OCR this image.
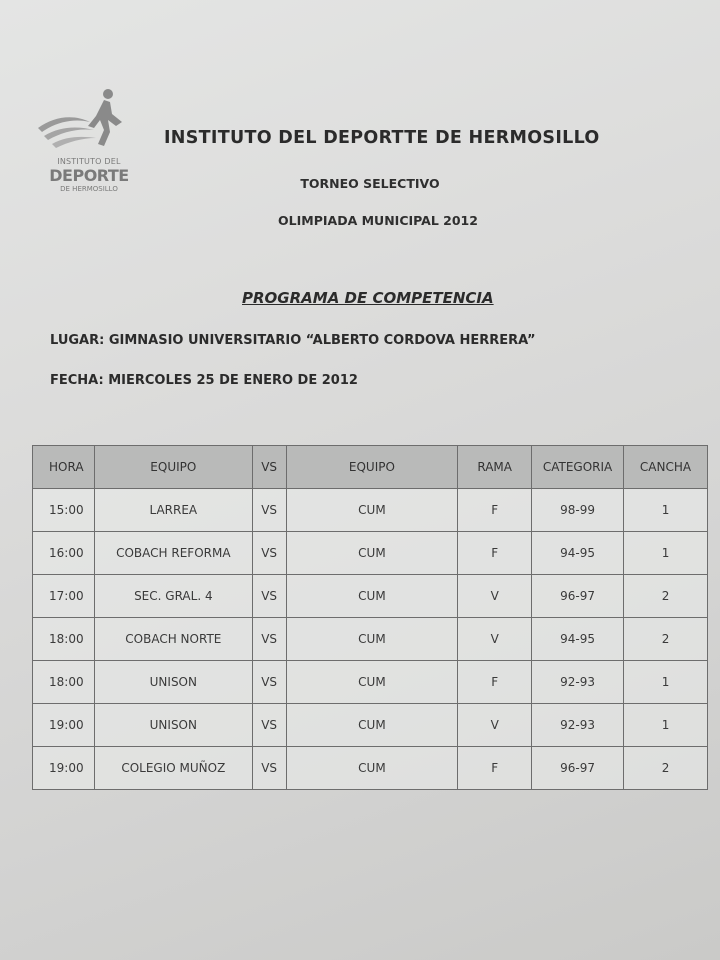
INSTITUTO DEL
DEPORTE
DE HERMOSILLO
INSTITUTO DEL DEPORTTE DE HERMOSILLO
TORNEO SELECTIVO
OLIMPIADA MUNICIPAL 2012
PROGRAMA DE COMPETENCIA
LUGAR: GIMNASIO UNIVERSITARIO “ALBERTO CORDOVA HERRERA”
FECHA: MIERCOLES 25 DE ENERO DE 2012
HORA	EQUIPO	VS	EQUIPO	RAMA	CATEGORIA	CANCHA
15:00	LARREA	VS	CUM	F	98-99	1
16:00	COBACH REFORMA	VS	CUM	F	94-95	1
17:00	SEC. GRAL. 4	VS	CUM	V	96-97	2
18:00	COBACH NORTE	VS	CUM	V	94-95	2
18:00	UNISON	VS	CUM	F	92-93	1
19:00	UNISON	VS	CUM	V	92-93	1
19:00	COLEGIO MUÑOZ	VS	CUM	F	96-97	2
